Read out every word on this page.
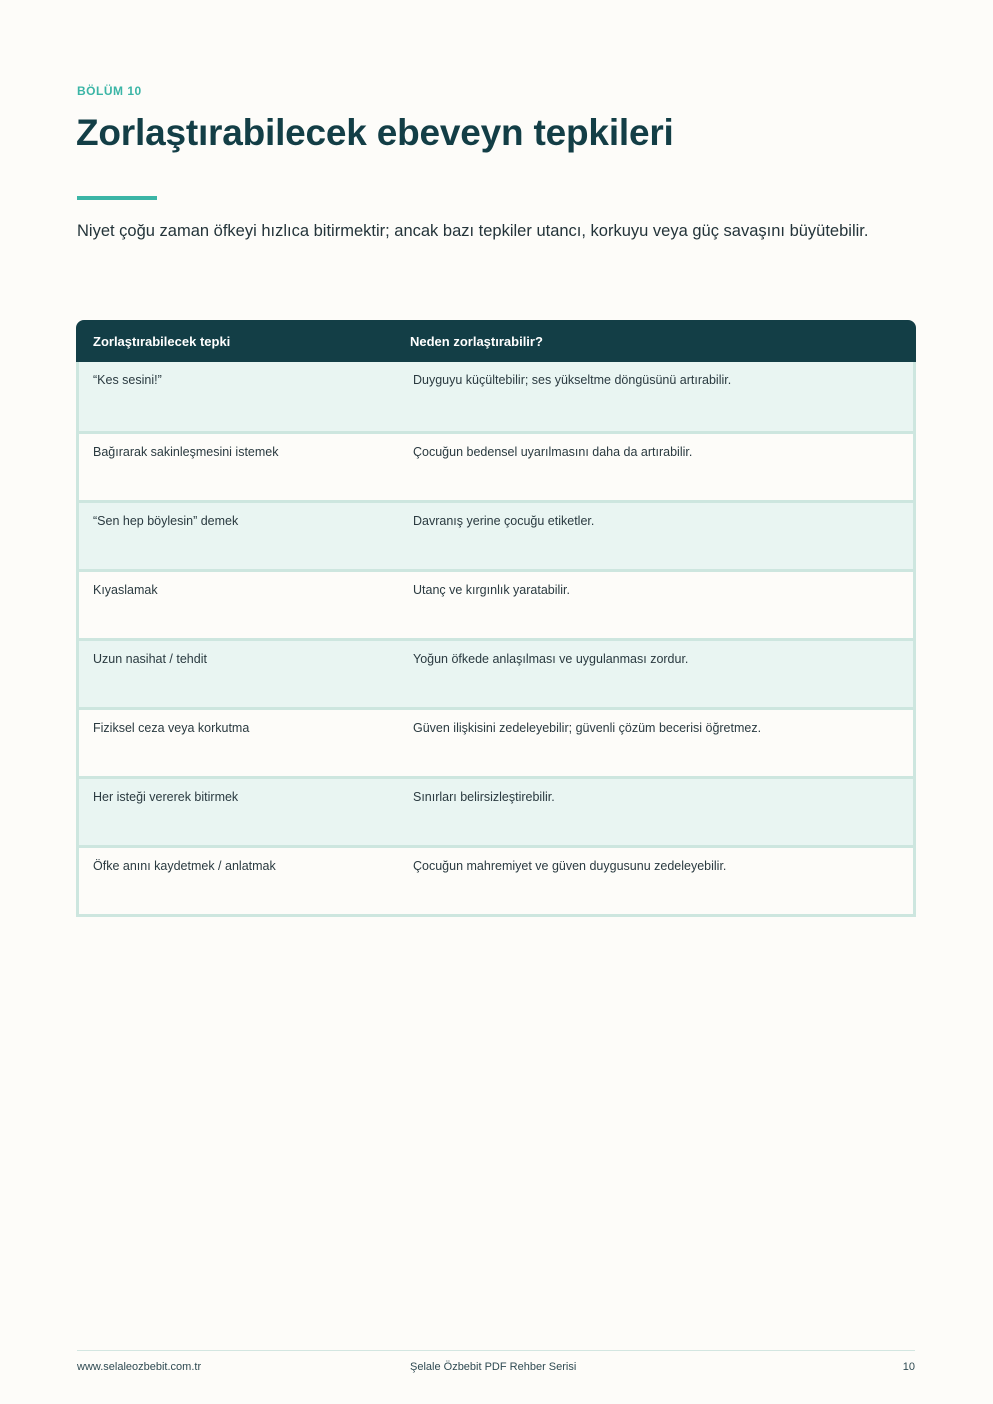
BÖLÜM 10
Zorlaştırabilecek ebeveyn tepkileri

Niyet çoğu zaman öfkeyi hızlıca bitirmektir; ancak bazı tepkiler utancı, korkuyu veya güç savaşını büyütebilir.

Zorlaştırabilecek tepki	Neden zorlaştırabilir?
“Kes sesini!”	Duyguyu küçültebilir; ses yükseltme döngüsünü artırabilir.
Bağırarak sakinleşmesini istemek	Çocuğun bedensel uyarılmasını daha da artırabilir.
“Sen hep böylesin” demek	Davranış yerine çocuğu etiketler.
Kıyaslamak	Utanç ve kırgınlık yaratabilir.
Uzun nasihat / tehdit	Yoğun öfkede anlaşılması ve uygulanması zordur.
Fiziksel ceza veya korkutma	Güven ilişkisini zedeleyebilir; güvenli çözüm becerisi öğretmez.
Her isteği vererek bitirmek	Sınırları belirsizleştirebilir.
Öfke anını kaydetmek / anlatmak	Çocuğun mahremiyet ve güven duygusunu zedeleyebilir.
www.selaleozbebit.com.tr	Şelale Özbebit PDF Rehber Serisi	10
